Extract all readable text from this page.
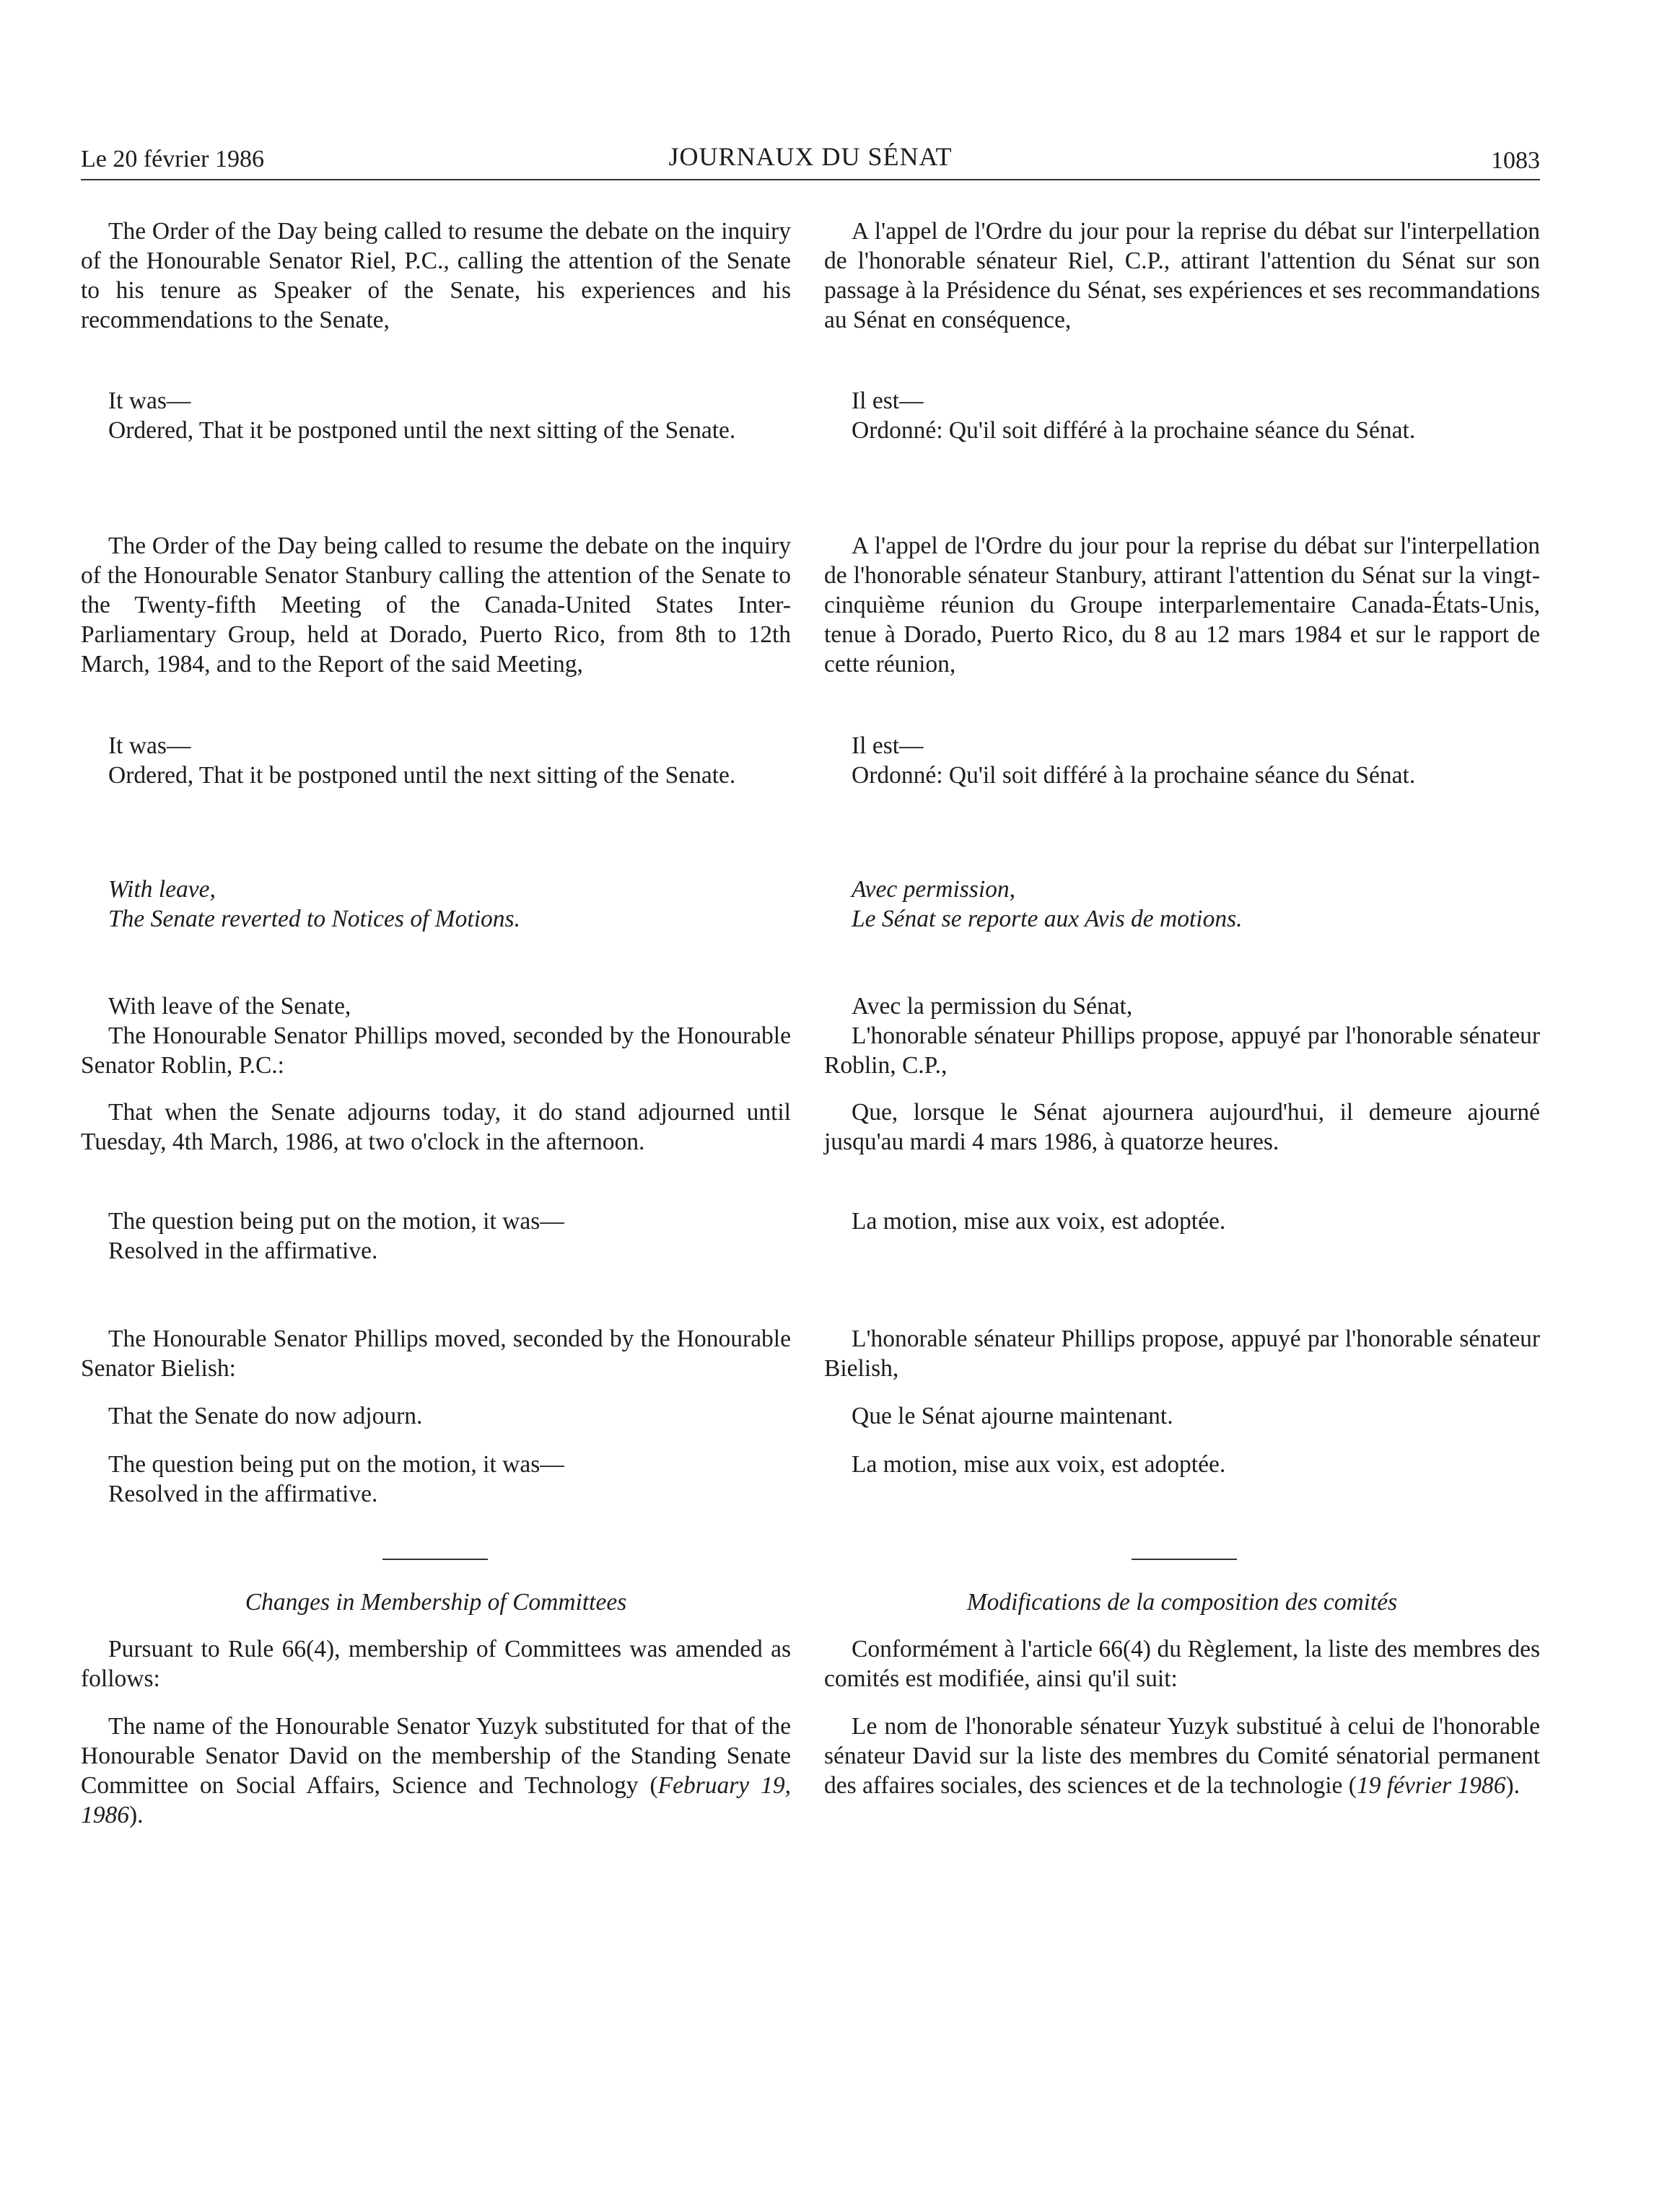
Le 20 février 1986	JOURNAUX DU SÉNAT	1083

The Order of the Day being called to resume the debate on the inquiry of the Honourable Senator Riel, P.C., calling the attention of the Senate to his tenure as Speaker of the Senate, his experiences and his recommendations to the Senate,

It was—

Ordered, That it be postponed until the next sitting of the Senate.

The Order of the Day being called to resume the debate on the inquiry of the Honourable Senator Stanbury calling the attention of the Senate to the Twenty-fifth Meeting of the Canada-United States Inter-Parliamentary Group, held at Dorado, Puerto Rico, from 8th to 12th March, 1984, and to the Report of the said Meeting,

It was—

Ordered, That it be postponed until the next sitting of the Senate.

With leave,

The Senate reverted to Notices of Motions.

With leave of the Senate,

The Honourable Senator Phillips moved, seconded by the Honourable Senator Roblin, P.C.:

That when the Senate adjourns today, it do stand adjourned until Tuesday, 4th March, 1986, at two o'clock in the afternoon.

The question being put on the motion, it was—

Resolved in the affirmative.

The Honourable Senator Phillips moved, seconded by the Honourable Senator Bielish:

That the Senate do now adjourn.

The question being put on the motion, it was—

Resolved in the affirmative.

Changes in Membership of Committees

Pursuant to Rule 66(4), membership of Committees was amended as follows:

The name of the Honourable Senator Yuzyk substituted for that of the Honourable Senator David on the membership of the Standing Senate Committee on Social Affairs, Science and Technology (February 19, 1986).

A l'appel de l'Ordre du jour pour la reprise du débat sur l'interpellation de l'honorable sénateur Riel, C.P., attirant l'attention du Sénat sur son passage à la Présidence du Sénat, ses expériences et ses recommandations au Sénat en conséquence,

Il est—

Ordonné: Qu'il soit différé à la prochaine séance du Sénat.

A l'appel de l'Ordre du jour pour la reprise du débat sur l'interpellation de l'honorable sénateur Stanbury, attirant l'attention du Sénat sur la vingt-cinquième réunion du Groupe interparlementaire Canada-États-Unis, tenue à Dorado, Puerto Rico, du 8 au 12 mars 1984 et sur le rapport de cette réunion,

Il est—

Ordonné: Qu'il soit différé à la prochaine séance du Sénat.

Avec permission,

Le Sénat se reporte aux Avis de motions.

Avec la permission du Sénat,

L'honorable sénateur Phillips propose, appuyé par l'honorable sénateur Roblin, C.P.,

Que, lorsque le Sénat ajournera aujourd'hui, il demeure ajourné jusqu'au mardi 4 mars 1986, à quatorze heures.

La motion, mise aux voix, est adoptée.

L'honorable sénateur Phillips propose, appuyé par l'honorable sénateur Bielish,

Que le Sénat ajourne maintenant.

La motion, mise aux voix, est adoptée.

Modifications de la composition des comités

Conformément à l'article 66(4) du Règlement, la liste des membres des comités est modifiée, ainsi qu'il suit:

Le nom de l'honorable sénateur Yuzyk substitué à celui de l'honorable sénateur David sur la liste des membres du Comité sénatorial permanent des affaires sociales, des sciences et de la technologie (19 février 1986).
